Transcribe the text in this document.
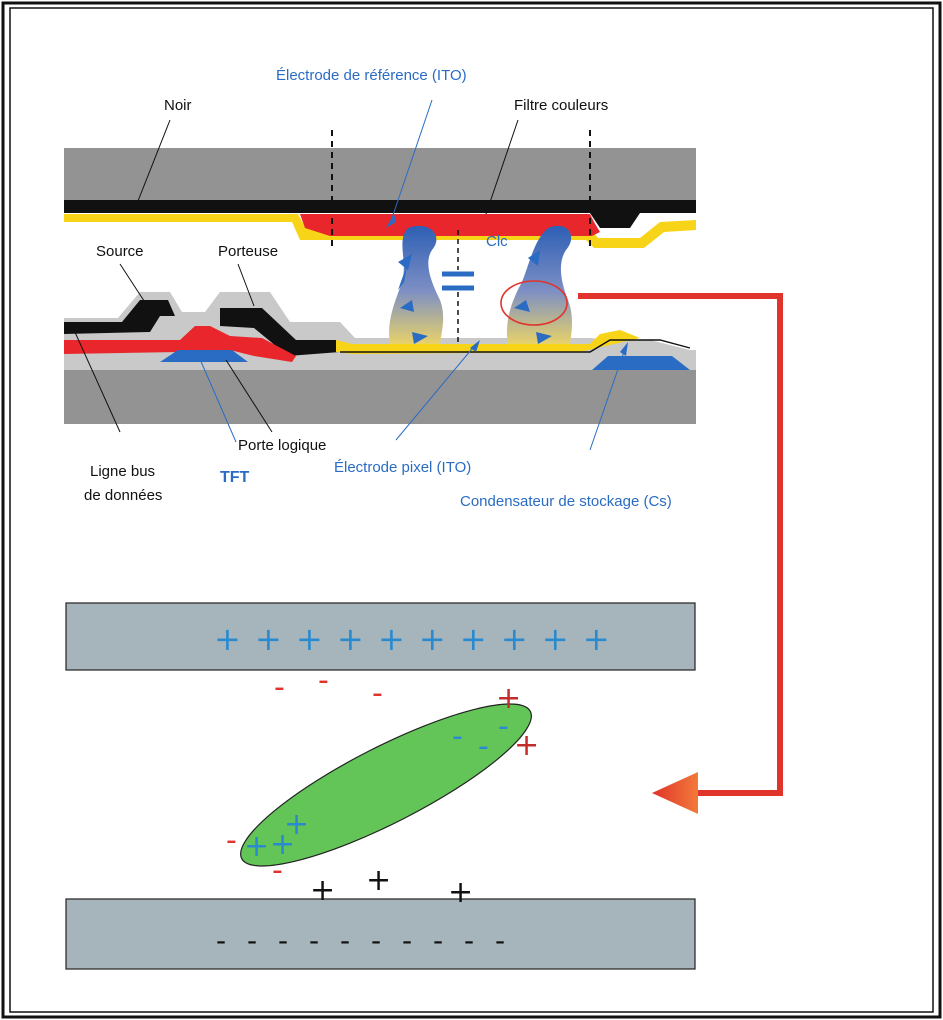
Électrode de référence (ITO)
Noir	Filtre couleurs
Clc
Source	Porteuse
Porte logique
TFT
Ligne bus
de données
Électrode pixel (ITO)
Condensateur de stockage (Cs)
+ + + + + + + + + +
- - - - - - - - - -
- - -	+
+
- -
-
+
+ +
-
-
+ + +
